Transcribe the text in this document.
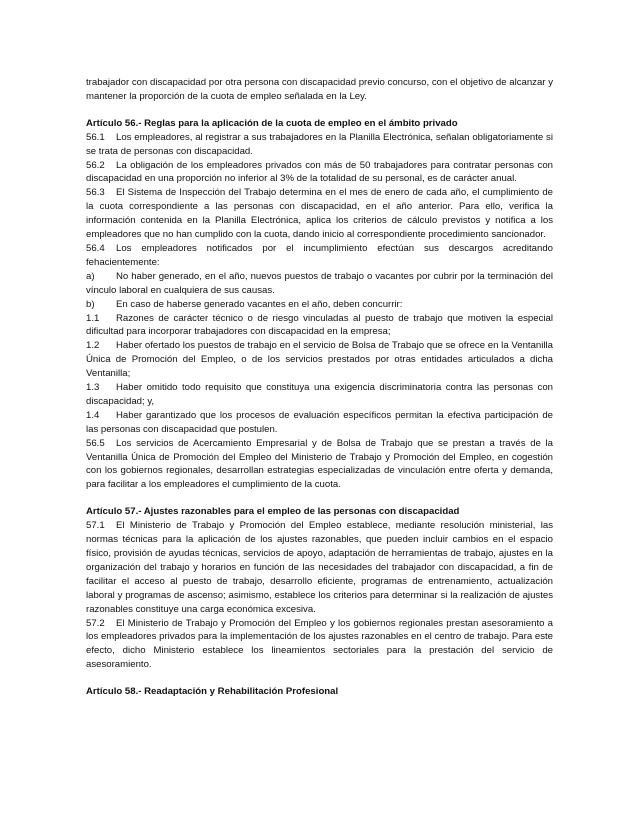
trabajador con discapacidad por otra persona con discapacidad previo concurso, con el objetivo de alcanzar y mantener la proporción de la cuota de empleo señalada en la Ley.

Artículo 56.- Reglas para la aplicación de la cuota de empleo en el ámbito privado

56.1 Los empleadores, al registrar a sus trabajadores en la Planilla Electrónica, señalan obligatoriamente si se trata de personas con discapacidad.

56.2 La obligación de los empleadores privados con más de 50 trabajadores para contratar personas con discapacidad en una proporción no inferior al 3% de la totalidad de su personal, es de carácter anual.

56.3 El Sistema de Inspección del Trabajo determina en el mes de enero de cada año, el cumplimiento de la cuota correspondiente a las personas con discapacidad, en el año anterior. Para ello, verifica la información contenida en la Planilla Electrónica, aplica los criterios de cálculo previstos y notifica a los empleadores que no han cumplido con la cuota, dando inicio al correspondiente procedimiento sancionador.

56.4 Los empleadores notificados por el incumplimiento efectúan sus descargos acreditando fehacientemente:

a) No haber generado, en el año, nuevos puestos de trabajo o vacantes por cubrir por la terminación del vínculo laboral en cualquiera de sus causas.

b) En caso de haberse generado vacantes en el año, deben concurrir:

1.1 Razones de carácter técnico o de riesgo vinculadas al puesto de trabajo que motiven la especial dificultad para incorporar trabajadores con discapacidad en la empresa;

1.2 Haber ofertado los puestos de trabajo en el servicio de Bolsa de Trabajo que se ofrece en la Ventanilla Única de Promoción del Empleo, o de los servicios prestados por otras entidades articulados a dicha Ventanilla;

1.3 Haber omitido todo requisito que constituya una exigencia discriminatoria contra las personas con discapacidad; y,

1.4 Haber garantizado que los procesos de evaluación específicos permitan la efectiva participación de las personas con discapacidad que postulen.

56.5 Los servicios de Acercamiento Empresarial y de Bolsa de Trabajo que se prestan a través de la Ventanilla Única de Promoción del Empleo del Ministerio de Trabajo y Promoción del Empleo, en cogestión con los gobiernos regionales, desarrollan estrategias especializadas de vinculación entre oferta y demanda, para facilitar a los empleadores el cumplimiento de la cuota.

Artículo 57.- Ajustes razonables para el empleo de las personas con discapacidad

57.1 El Ministerio de Trabajo y Promoción del Empleo establece, mediante resolución ministerial, las normas técnicas para la aplicación de los ajustes razonables, que pueden incluir cambios en el espacio físico, provisión de ayudas técnicas, servicios de apoyo, adaptación de herramientas de trabajo, ajustes en la organización del trabajo y horarios en función de las necesidades del trabajador con discapacidad, a fin de facilitar el acceso al puesto de trabajo, desarrollo eficiente, programas de entrenamiento, actualización laboral y programas de ascenso; asimismo, establece los criterios para determinar si la realización de ajustes razonables constituye una carga económica excesiva.

57.2 El Ministerio de Trabajo y Promoción del Empleo y los gobiernos regionales prestan asesoramiento a los empleadores privados para la implementación de los ajustes razonables en el centro de trabajo. Para este efecto, dicho Ministerio establece los lineamientos sectoriales para la prestación del servicio de asesoramiento.

Artículo 58.- Readaptación y Rehabilitación Profesional
